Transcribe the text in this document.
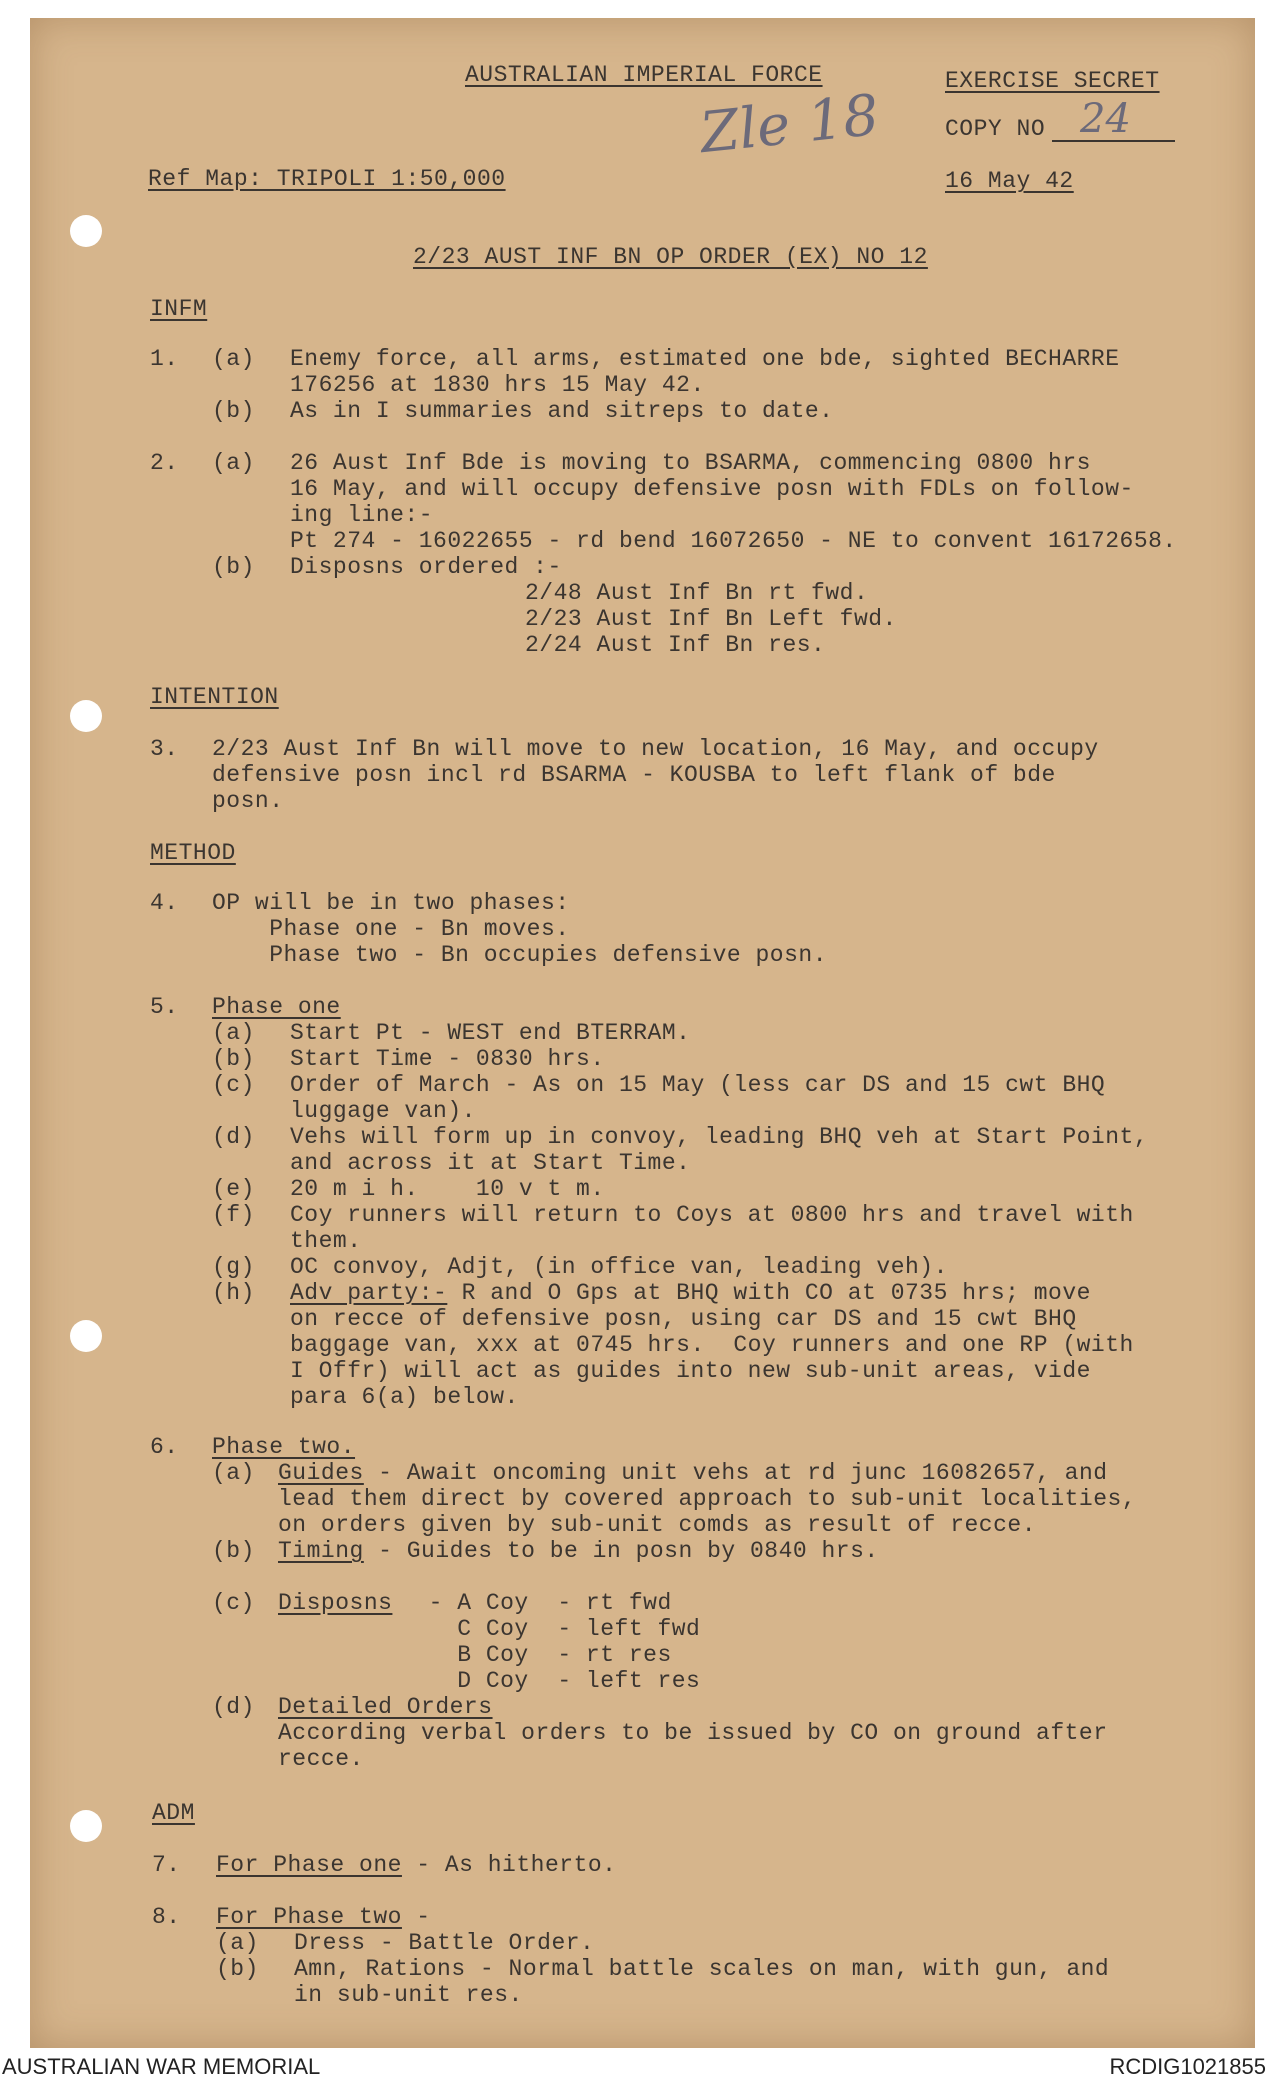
AUSTRALIAN IMPERIAL FORCE	EXERCISE SECRET
COPY NO 24
Zle 18
Ref Map: TRIPOLI 1:50,000	16 May 42
2/23 AUST INF BN OP ORDER (EX) NO 12
INFM
1. (a) Enemy force, all arms, estimated one bde, sighted BECHARRE
176256 at 1830 hrs 15 May 42.
(b) As in I summaries and sitreps to date.
2. (a) 26 Aust Inf Bde is moving to BSARMA, commencing 0800 hrs
16 May, and will occupy defensive posn with FDLs on follow-
ing line:-
Pt 274 - 16022655 - rd bend 16072650 - NE to convent 16172658.
(b) Disposns ordered :-
2/48 Aust Inf Bn rt fwd.
2/23 Aust Inf Bn Left fwd.
2/24 Aust Inf Bn res.
INTENTION
3. 2/23 Aust Inf Bn will move to new location, 16 May, and occupy
defensive posn incl rd BSARMA - KOUSBA to left flank of bde
posn.
METHOD
4. OP will be in two phases:
Phase one - Bn moves.
Phase two - Bn occupies defensive posn.
5. Phase one
(a) Start Pt - WEST end BTERRAM.
(b) Start Time - 0830 hrs.
(c) Order of March - As on 15 May (less car DS and 15 cwt BHQ
luggage van).
(d) Vehs will form up in convoy, leading BHQ veh at Start Point,
and across it at Start Time.
(e) 20 m i h.    10 v t m.
(f) Coy runners will return to Coys at 0800 hrs and travel with
them.
(g) OC convoy, Adjt, (in office van, leading veh).
(h) Adv party:- R and O Gps at BHQ with CO at 0735 hrs; move
on recce of defensive posn, using car DS and 15 cwt BHQ
baggage van, xxx at 0745 hrs.  Coy runners and one RP (with
I Offr) will act as guides into new sub-unit areas, vide
para 6(a) below.
6. Phase two.
(a) Guides - Await oncoming unit vehs at rd junc 16082657, and
lead them direct by covered approach to sub-unit localities,
on orders given by sub-unit comds as result of recce.
(b) Timing - Guides to be in posn by 0840 hrs.
(c) Disposns - A Coy  - rt fwd
C Coy  - left fwd
B Coy  - rt res
D Coy  - left res
(d) Detailed Orders
According verbal orders to be issued by CO on ground after
recce.
ADM
7. For Phase one - As hitherto.
8. For Phase two -
(a) Dress - Battle Order.
(b) Amn, Rations - Normal battle scales on man, with gun, and
in sub-unit res.
AUSTRALIAN WAR MEMORIAL	RCDIG1021855
